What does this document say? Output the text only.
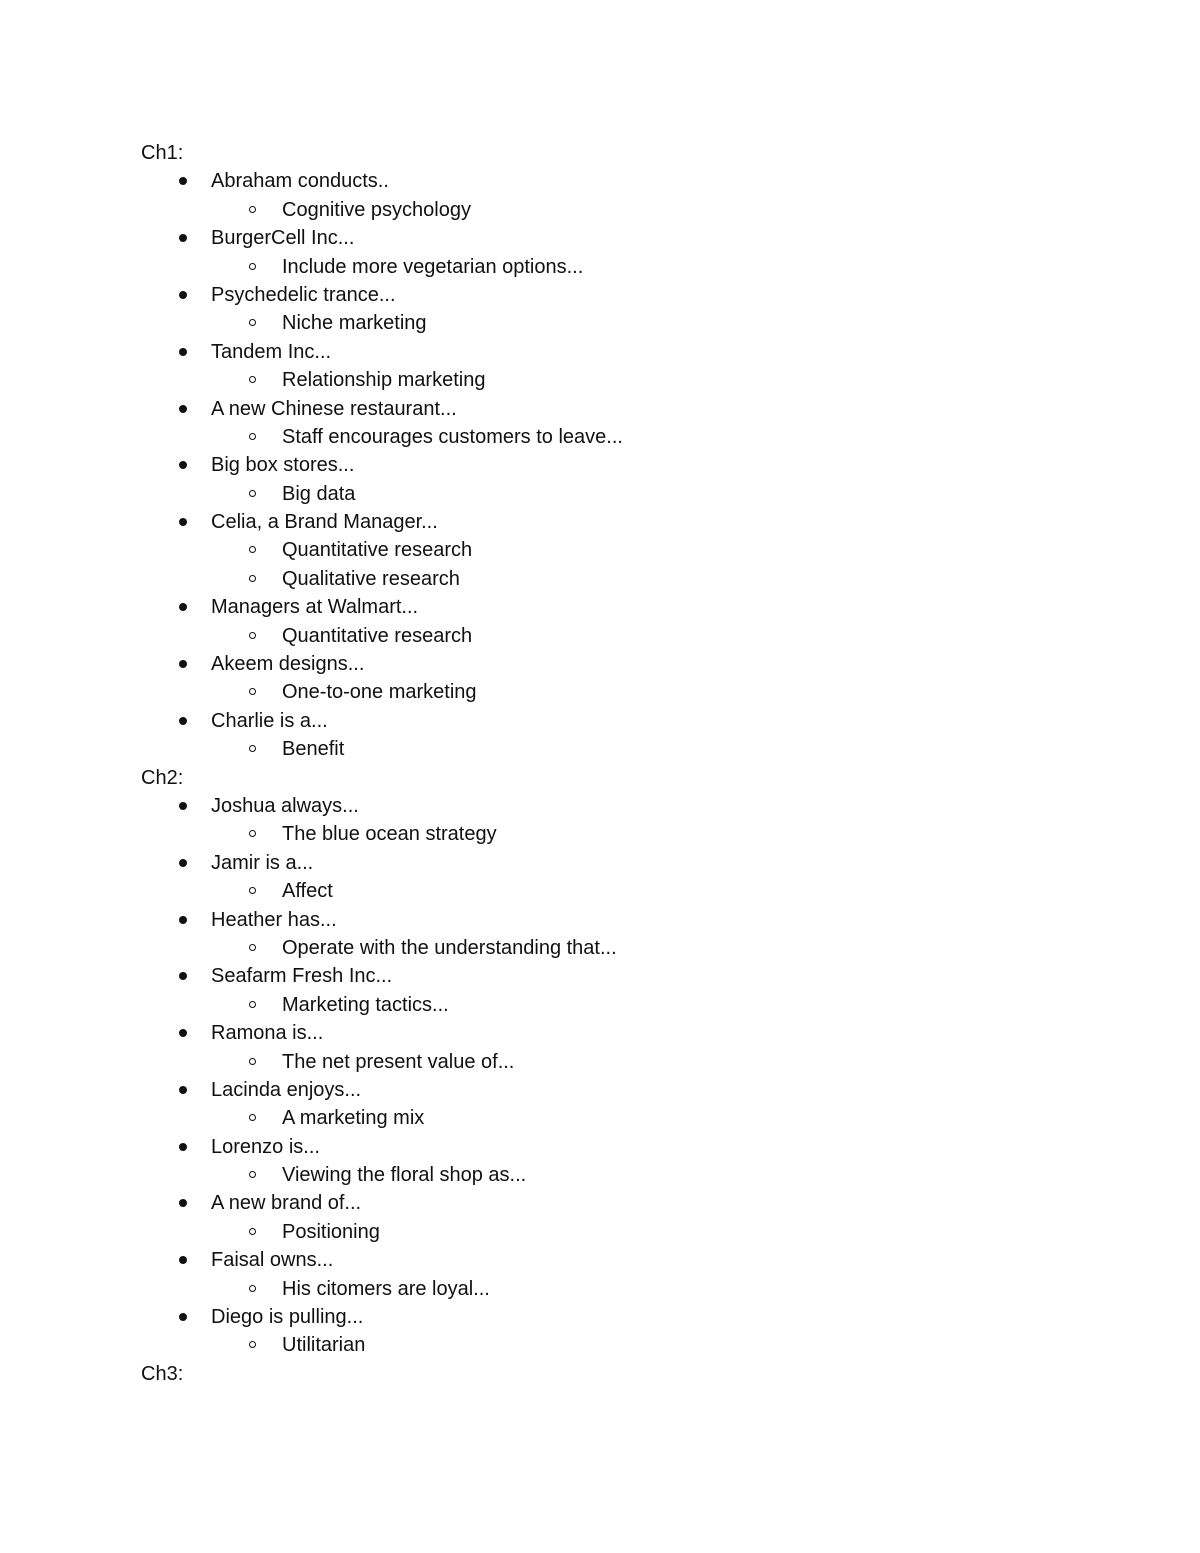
Ch1:
Abraham conducts..
Cognitive psychology
BurgerCell Inc...
Include more vegetarian options...
Psychedelic trance...
Niche marketing
Tandem Inc...
Relationship marketing
A new Chinese restaurant...
Staff encourages customers to leave...
Big box stores...
Big data
Celia, a Brand Manager...
Quantitative research
Qualitative research
Managers at Walmart...
Quantitative research
Akeem designs...
One-to-one marketing
Charlie is a...
Benefit
Ch2:
Joshua always...
The blue ocean strategy
Jamir is a...
Affect
Heather has...
Operate with the understanding that...
Seafarm Fresh Inc...
Marketing tactics...
Ramona is...
The net present value of...
Lacinda enjoys...
A marketing mix
Lorenzo is...
Viewing the floral shop as...
A new brand of...
Positioning
Faisal owns...
His citomers are loyal...
Diego is pulling...
Utilitarian
Ch3:
